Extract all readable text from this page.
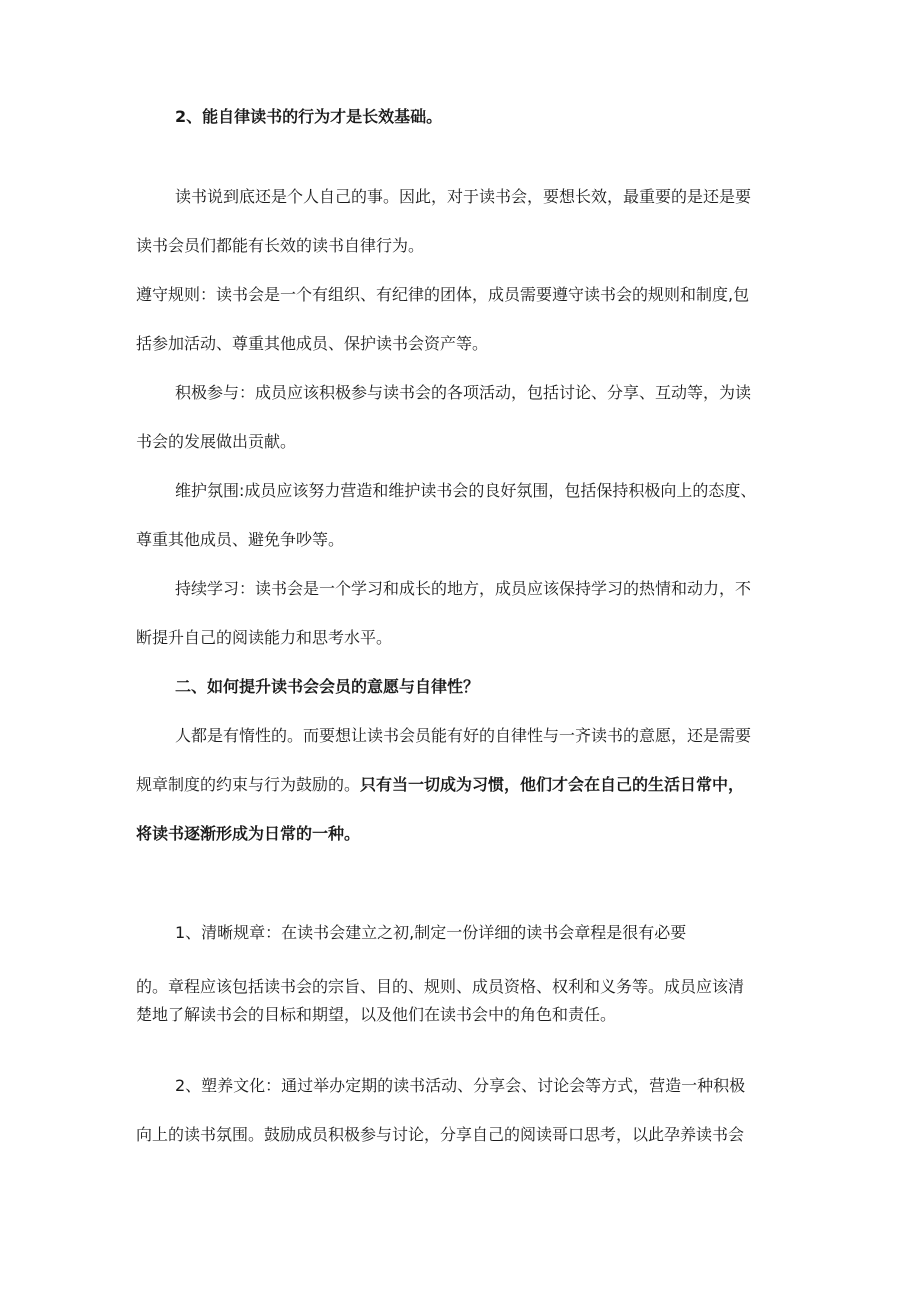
2、能自律读书的行为才是长效基础。
读书说到底还是个人自己的事。因此，对于读书会，要想长效，最重要的是还是要
读书会员们都能有长效的读书自律行为。
遵守规则：读书会是一个有组织、有纪律的团体，成员需要遵守读书会的规则和制度,包
括参加活动、尊重其他成员、保护读书会资产等。
积极参与：成员应该积极参与读书会的各项活动，包括讨论、分享、互动等，为读
书会的发展做出贡献。
维护氛围:成员应该努力营造和维护读书会的良好氛围，包括保持积极向上的态度、
尊重其他成员、避免争吵等。
持续学习：读书会是一个学习和成长的地方，成员应该保持学习的热情和动力，不
断提升自己的阅读能力和思考水平。
二、如何提升读书会会员的意愿与自律性？
人都是有惰性的。而要想让读书会员能有好的自律性与一齐读书的意愿，还是需要
规章制度的约束与行为鼓励的。只有当一切成为习惯，他们才会在自己的生活日常中，
将读书逐渐形成为日常的一种。
1、清晰规章：在读书会建立之初,制定一份详细的读书会章程是很有必要
的。章程应该包括读书会的宗旨、目的、规则、成员资格、权利和义务等。成员应该清
楚地了解读书会的目标和期望，以及他们在读书会中的角色和责任。
2、塑养文化：通过举办定期的读书活动、分享会、讨论会等方式，营造一种积极
向上的读书氛围。鼓励成员积极参与讨论，分享自己的阅读哥口思考，以此孕养读书会
